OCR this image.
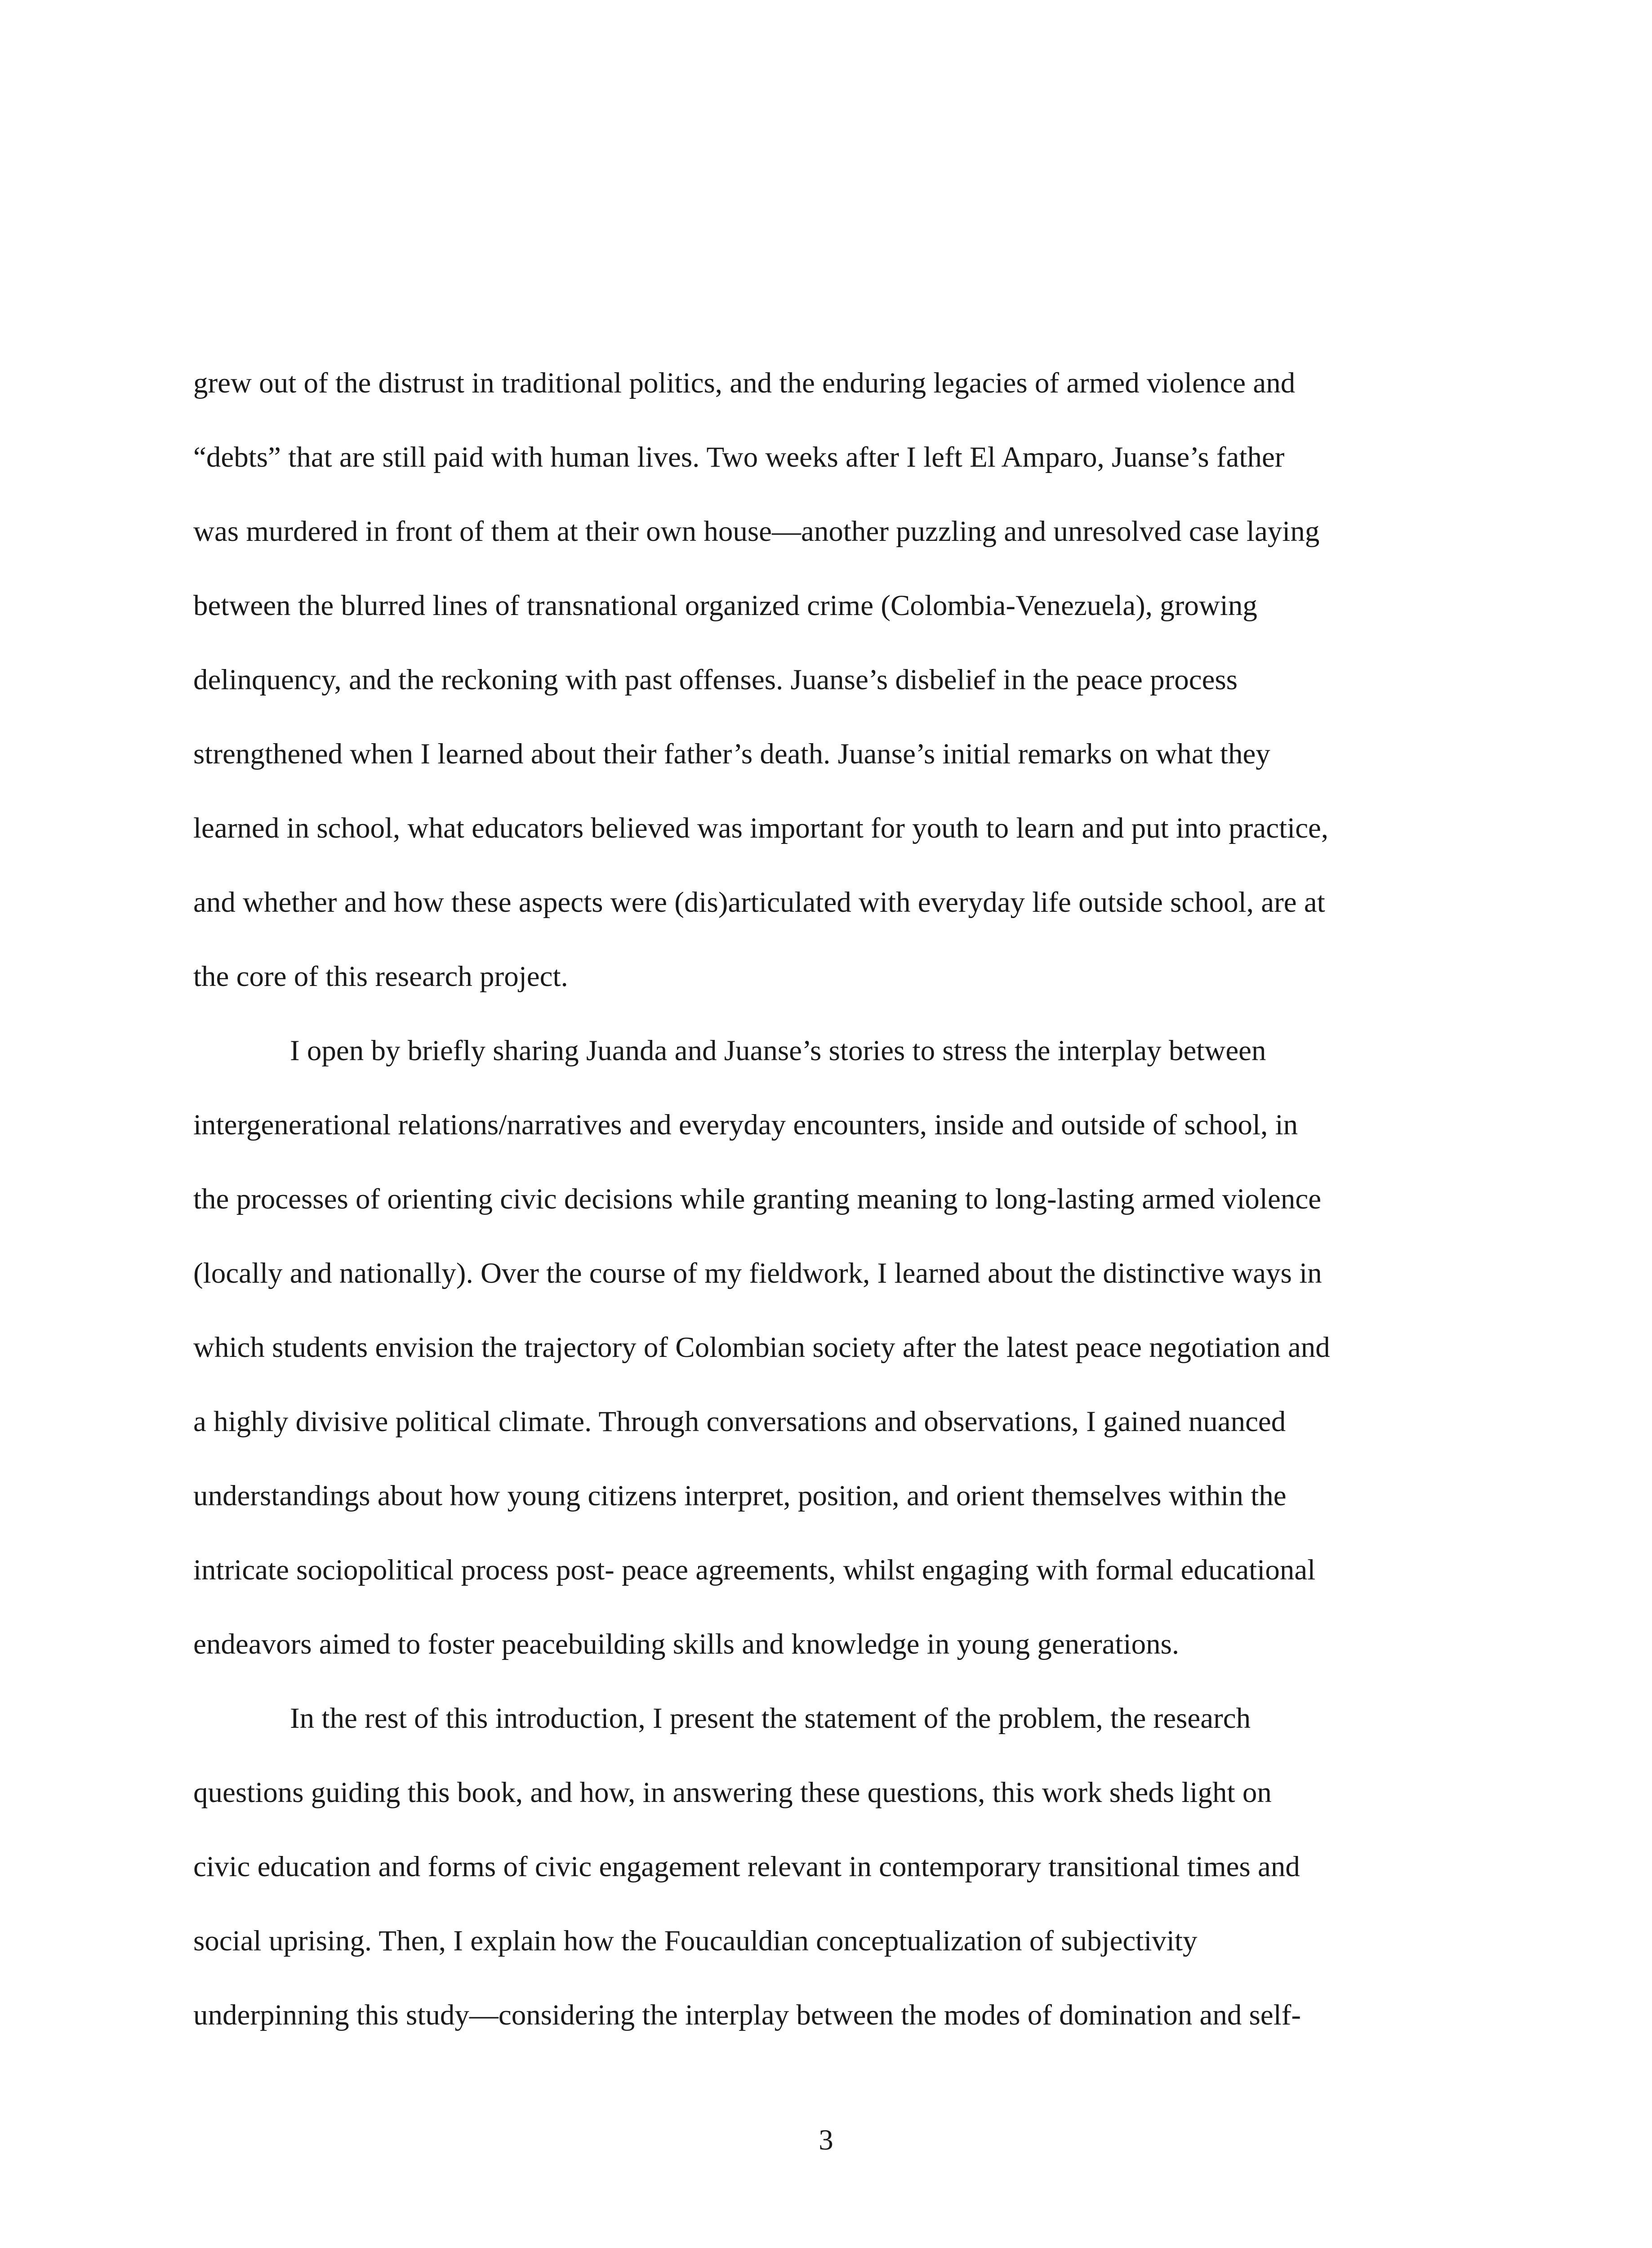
grew out of the distrust in traditional politics, and the enduring legacies of armed violence and
“debts” that are still paid with human lives. Two weeks after I left El Amparo, Juanse’s father
was murdered in front of them at their own house—another puzzling and unresolved case laying
between the blurred lines of transnational organized crime (Colombia-Venezuela), growing
delinquency, and the reckoning with past offenses. Juanse’s disbelief in the peace process
strengthened when I learned about their father’s death. Juanse’s initial remarks on what they
learned in school, what educators believed was important for youth to learn and put into practice,
and whether and how these aspects were (dis)articulated with everyday life outside school, are at
the core of this research project.
I open by briefly sharing Juanda and Juanse’s stories to stress the interplay between
intergenerational relations/narratives and everyday encounters, inside and outside of school, in
the processes of orienting civic decisions while granting meaning to long-lasting armed violence
(locally and nationally). Over the course of my fieldwork, I learned about the distinctive ways in
which students envision the trajectory of Colombian society after the latest peace negotiation and
a highly divisive political climate. Through conversations and observations, I gained nuanced
understandings about how young citizens interpret, position, and orient themselves within the
intricate sociopolitical process post- peace agreements, whilst engaging with formal educational
endeavors aimed to foster peacebuilding skills and knowledge in young generations.
In the rest of this introduction, I present the statement of the problem, the research
questions guiding this book, and how, in answering these questions, this work sheds light on
civic education and forms of civic engagement relevant in contemporary transitional times and
social uprising. Then, I explain how the Foucauldian conceptualization of subjectivity
underpinning this study—considering the interplay between the modes of domination and self-
3
